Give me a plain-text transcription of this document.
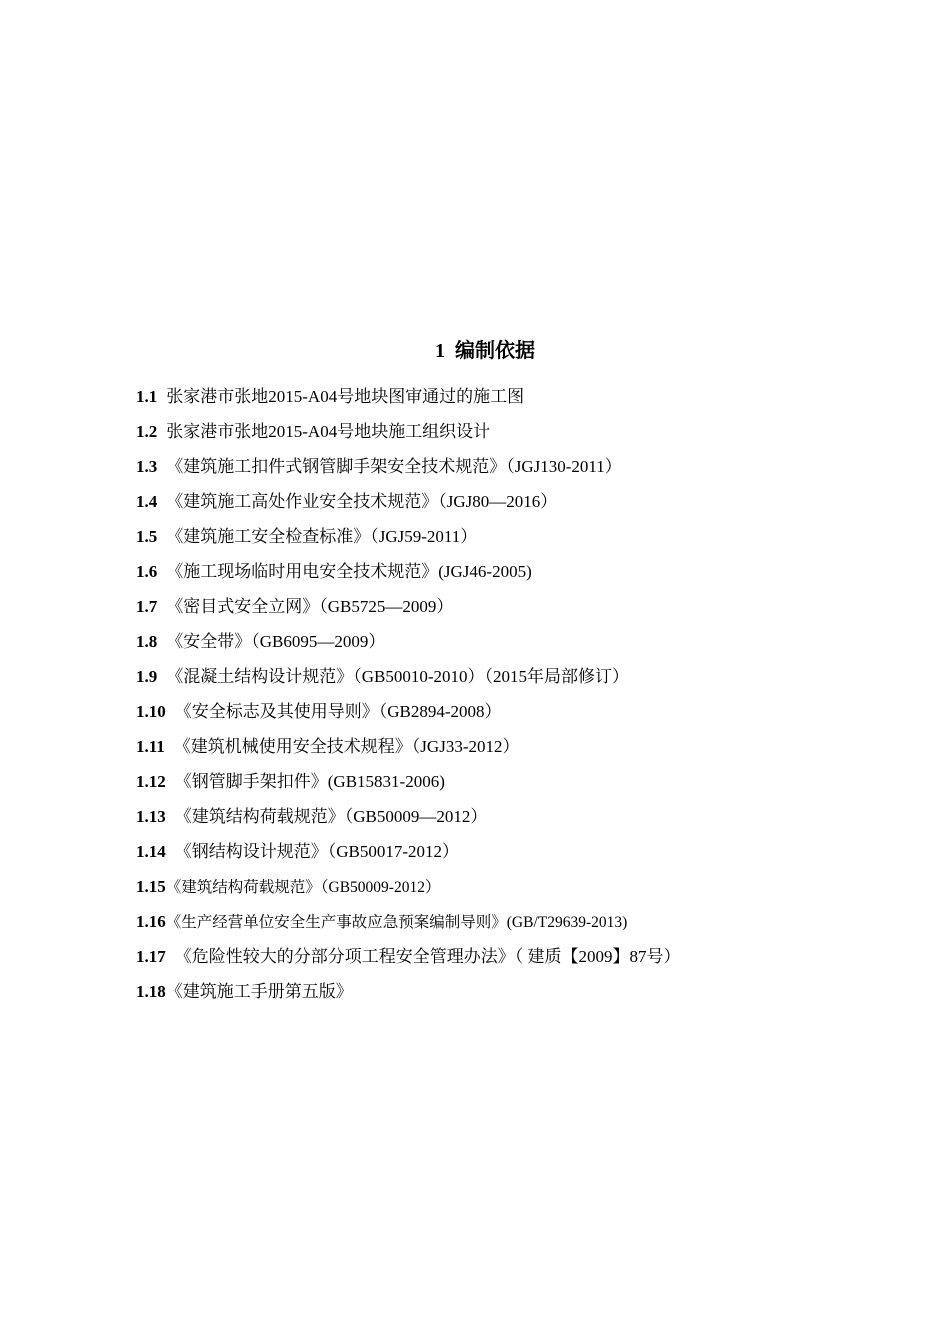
1 编制依据
1.1 张家港市张地2015-A04号地块图审通过的施工图
1.2 张家港市张地2015-A04号地块施工组织设计
1.3 《建筑施工扣件式钢管脚手架安全技术规范》（JGJ130-2011）
1.4 《建筑施工高处作业安全技术规范》（JGJ80—2016）
1.5 《建筑施工安全检查标准》（JGJ59-2011）
1.6 《施工现场临时用电安全技术规范》(JGJ46-2005)
1.7 《密目式安全立网》（GB5725—2009）
1.8 《安全带》（GB6095—2009）
1.9 《混凝土结构设计规范》（GB50010-2010）（2015年局部修订）
1.10 《安全标志及其使用导则》（GB2894-2008）
1.11 《建筑机械使用安全技术规程》（JGJ33-2012）
1.12 《钢管脚手架扣件》(GB15831-2006)
1.13 《建筑结构荷载规范》（GB50009—2012）
1.14 《钢结构设计规范》（GB50017-2012）
1.15《建筑结构荷载规范》（GB50009-2012）
1.16《生产经营单位安全生产事故应急预案编制导则》(GB/T29639-2013)
1.17 《危险性较大的分部分项工程安全管理办法》（ 建质【2009】87号）
1.18《建筑施工手册第五版》
